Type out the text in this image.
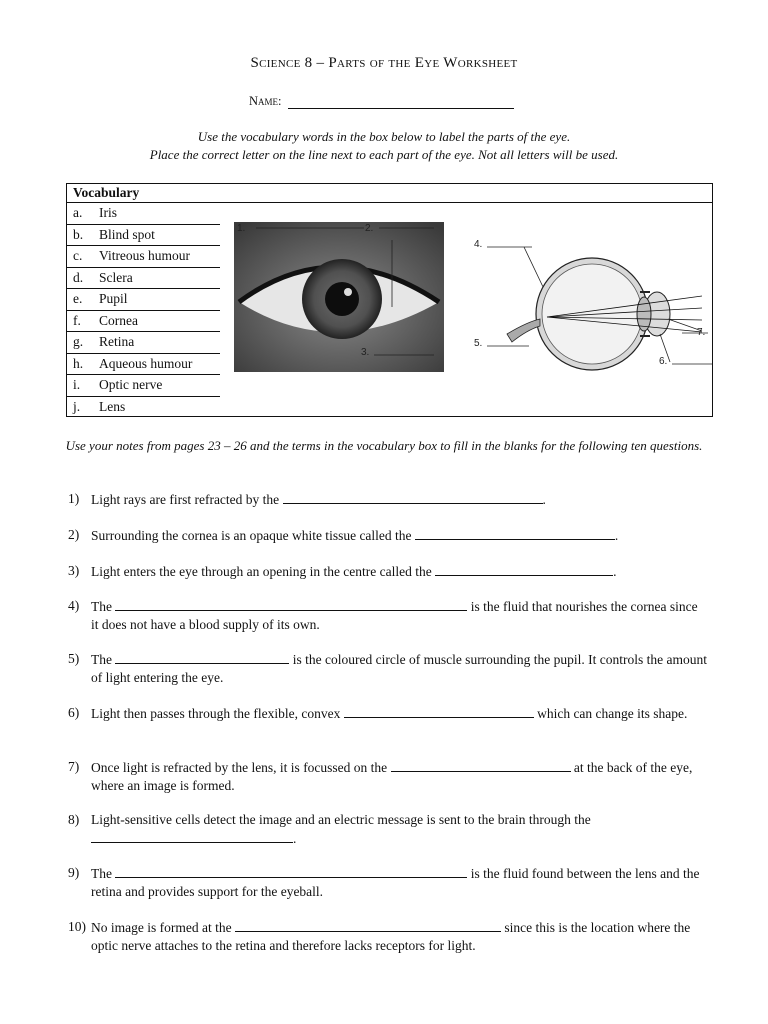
Science 8 – Parts of the Eye Worksheet
Name:
Use the vocabulary words in the box below to label the parts of the eye.
Place the correct letter on the line next to each part of the eye. Not all letters will be used.
Vocabulary
a.	Iris
b.	Blind spot
c.	Vitreous humour
d.	Sclera
e.	Pupil
f.	Cornea
g.	Retina
h.	Aqueous humour
i.	Optic nerve
j.	Lens
1.	2.
3.
4.
5.
6.
7.
Use your notes from pages 23 – 26 and the terms in the vocabulary box to fill in the blanks for the following ten questions.
1) Light rays are first refracted by the	.
2) Surrounding the cornea is an opaque white tissue called the	.
3) Light enters the eye through an opening in the centre called the	.
4) The	is the fluid that nourishes the cornea since it does not have a blood supply of its own.
5) The	is the coloured circle of muscle surrounding the pupil. It controls the amount of light entering the eye.
6) Light then passes through the flexible, convex	which can change its shape.
7) Once light is refracted by the lens, it is focussed on the	at the back of the eye, where an image is formed.
8) Light-sensitive cells detect the image and an electric message is sent to the brain through the .
9) The	is the fluid found between the lens and the retina and provides support for the eyeball.
10) No image is formed at the	since this is the location where the optic nerve attaches to the retina and therefore lacks receptors for light.
